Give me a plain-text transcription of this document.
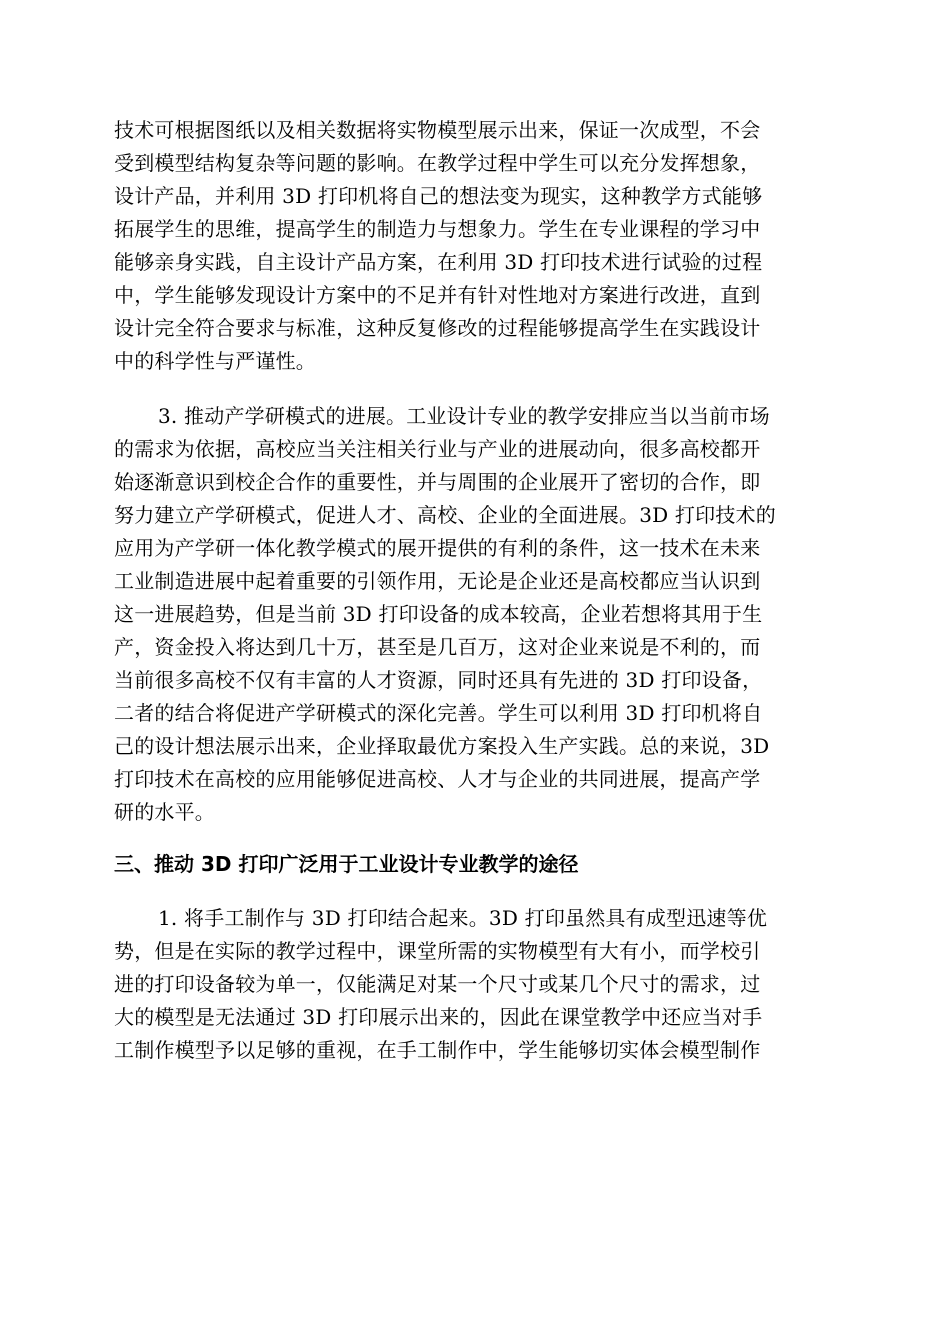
技术可根据图纸以及相关数据将实物模型展示出来，保证一次成型，不会

受到模型结构复杂等问题的影响。在教学过程中学生可以充分发挥想象，

设计产品，并利用 3D 打印机将自己的想法变为现实，这种教学方式能够

拓展学生的思维，提高学生的制造力与想象力。学生在专业课程的学习中

能够亲身实践，自主设计产品方案，在利用 3D 打印技术进行试验的过程

中，学生能够发现设计方案中的不足并有针对性地对方案进行改进，直到

设计完全符合要求与标准，这种反复修改的过程能够提高学生在实践设计

中的科学性与严谨性。

3. 推动产学研模式的进展。工业设计专业的教学安排应当以当前市场

的需求为依据，高校应当关注相关行业与产业的进展动向，很多高校都开

始逐渐意识到校企合作的重要性，并与周围的企业展开了密切的合作，即

努力建立产学研模式，促进人才、高校、企业的全面进展。3D 打印技术的

应用为产学研一体化教学模式的展开提供的有利的条件，这一技术在未来

工业制造进展中起着重要的引领作用，无论是企业还是高校都应当认识到

这一进展趋势，但是当前 3D 打印设备的成本较高，企业若想将其用于生

产，资金投入将达到几十万，甚至是几百万，这对企业来说是不利的，而

当前很多高校不仅有丰富的人才资源，同时还具有先进的 3D 打印设备，

二者的结合将促进产学研模式的深化完善。学生可以利用 3D 打印机将自

己的设计想法展示出来，企业择取最优方案投入生产实践。总的来说，3D

打印技术在高校的应用能够促进高校、人才与企业的共同进展，提高产学

研的水平。

三、推动 3D 打印广泛用于工业设计专业教学的途径

1. 将手工制作与 3D 打印结合起来。3D 打印虽然具有成型迅速等优

势，但是在实际的教学过程中，课堂所需的实物模型有大有小，而学校引

进的打印设备较为单一，仅能满足对某一个尺寸或某几个尺寸的需求，过

大的模型是无法通过 3D 打印展示出来的，因此在课堂教学中还应当对手

工制作模型予以足够的重视，在手工制作中，学生能够切实体会模型制作
